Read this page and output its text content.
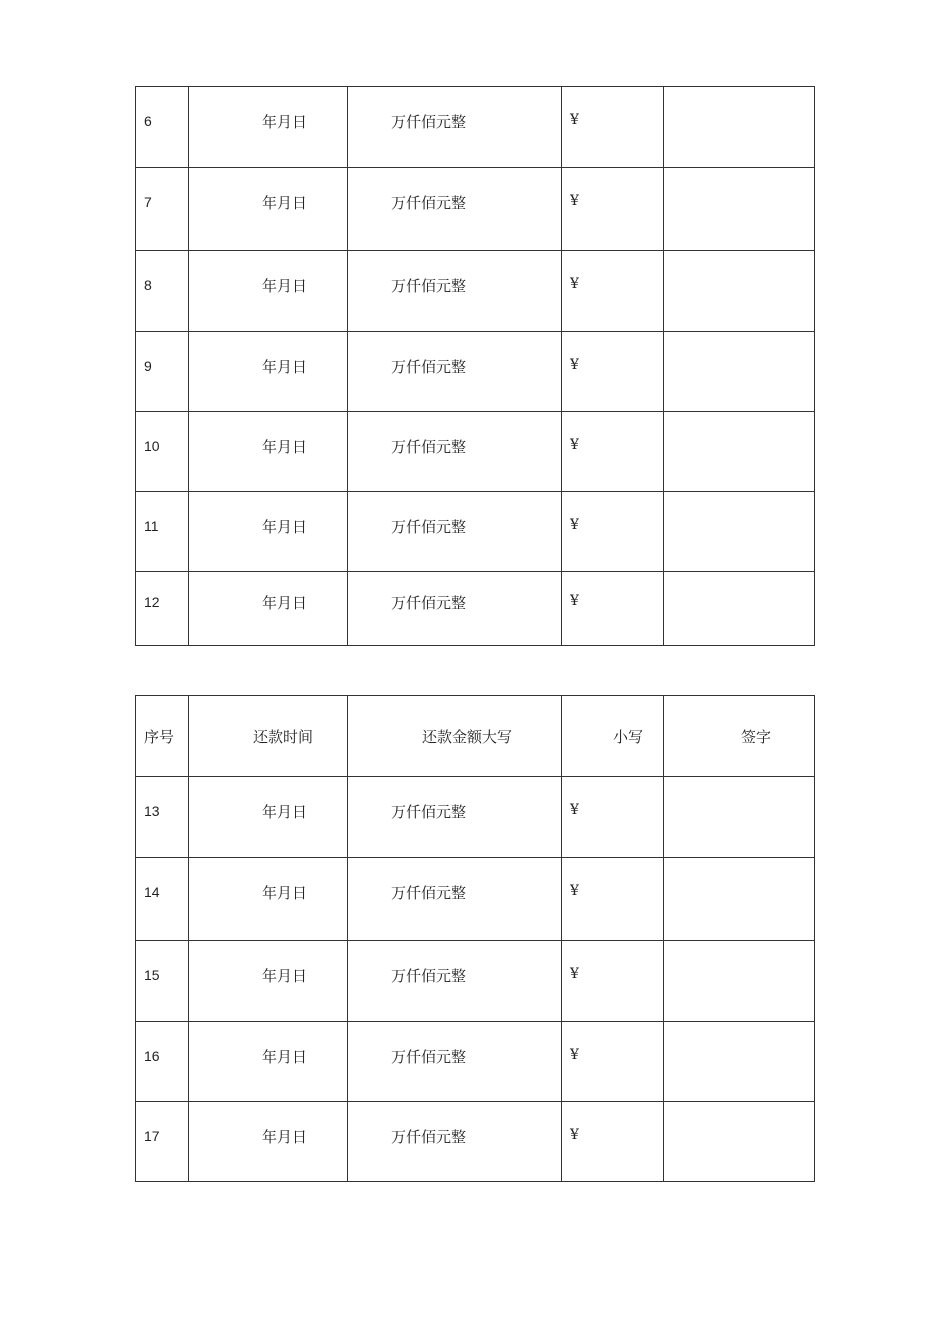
6	年月日	万仟佰元整	¥	
7	年月日	万仟佰元整	¥	
8	年月日	万仟佰元整	¥	
9	年月日	万仟佰元整	¥	
10	年月日	万仟佰元整	¥	
11	年月日	万仟佰元整	¥	
12	年月日	万仟佰元整	¥	
序号	还款时间	还款金额大写	小写	签字
13	年月日	万仟佰元整	¥	
14	年月日	万仟佰元整	¥	
15	年月日	万仟佰元整	¥	
16	年月日	万仟佰元整	¥	
17	年月日	万仟佰元整	¥	
